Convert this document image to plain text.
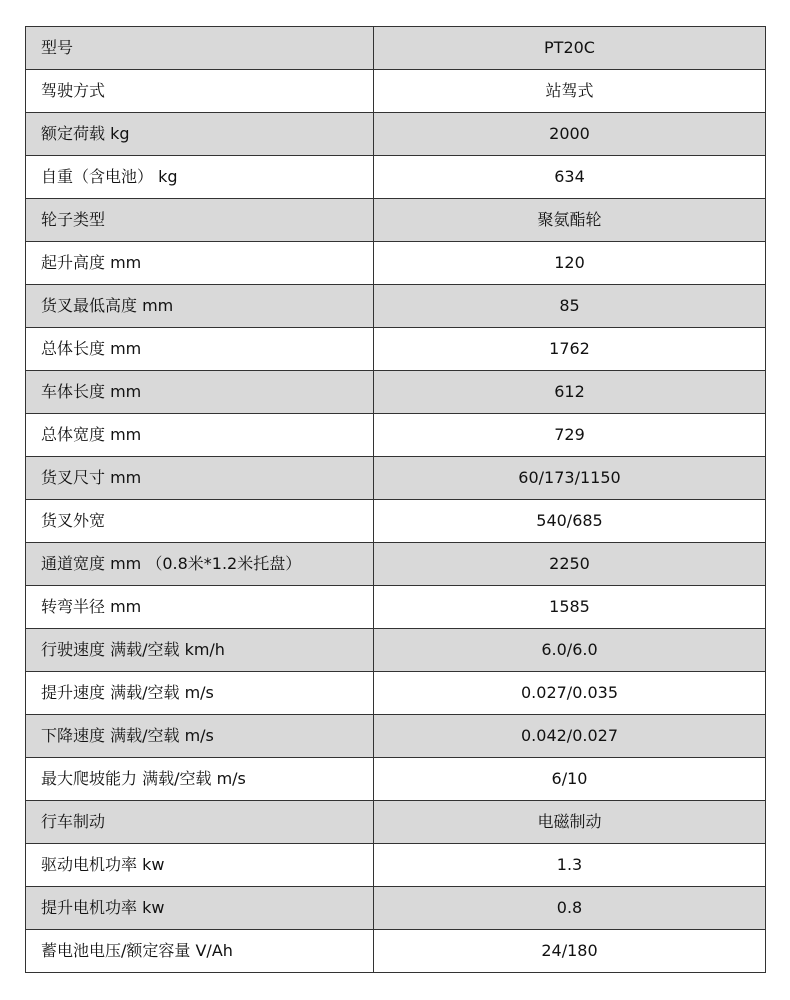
型号	PT20C
驾驶方式	站驾式
额定荷载 kg	2000
自重（含电池） kg	634
轮子类型	聚氨酯轮
起升高度 mm	120
货叉最低高度 mm	85
总体长度 mm	1762
车体长度 mm	612
总体宽度 mm	729
货叉尺寸 mm	60/173/1150
货叉外宽	540/685
通道宽度 mm （0.8米*1.2米托盘）	2250
转弯半径 mm	1585
行驶速度 满载/空载 km/h	6.0/6.0
提升速度 满载/空载 m/s	0.027/0.035
下降速度 满载/空载 m/s	0.042/0.027
最大爬坡能力 满载/空载 m/s	6/10
行车制动	电磁制动
驱动电机功率 kw	1.3
提升电机功率 kw	0.8
蓄电池电压/额定容量 V/Ah	24/180
